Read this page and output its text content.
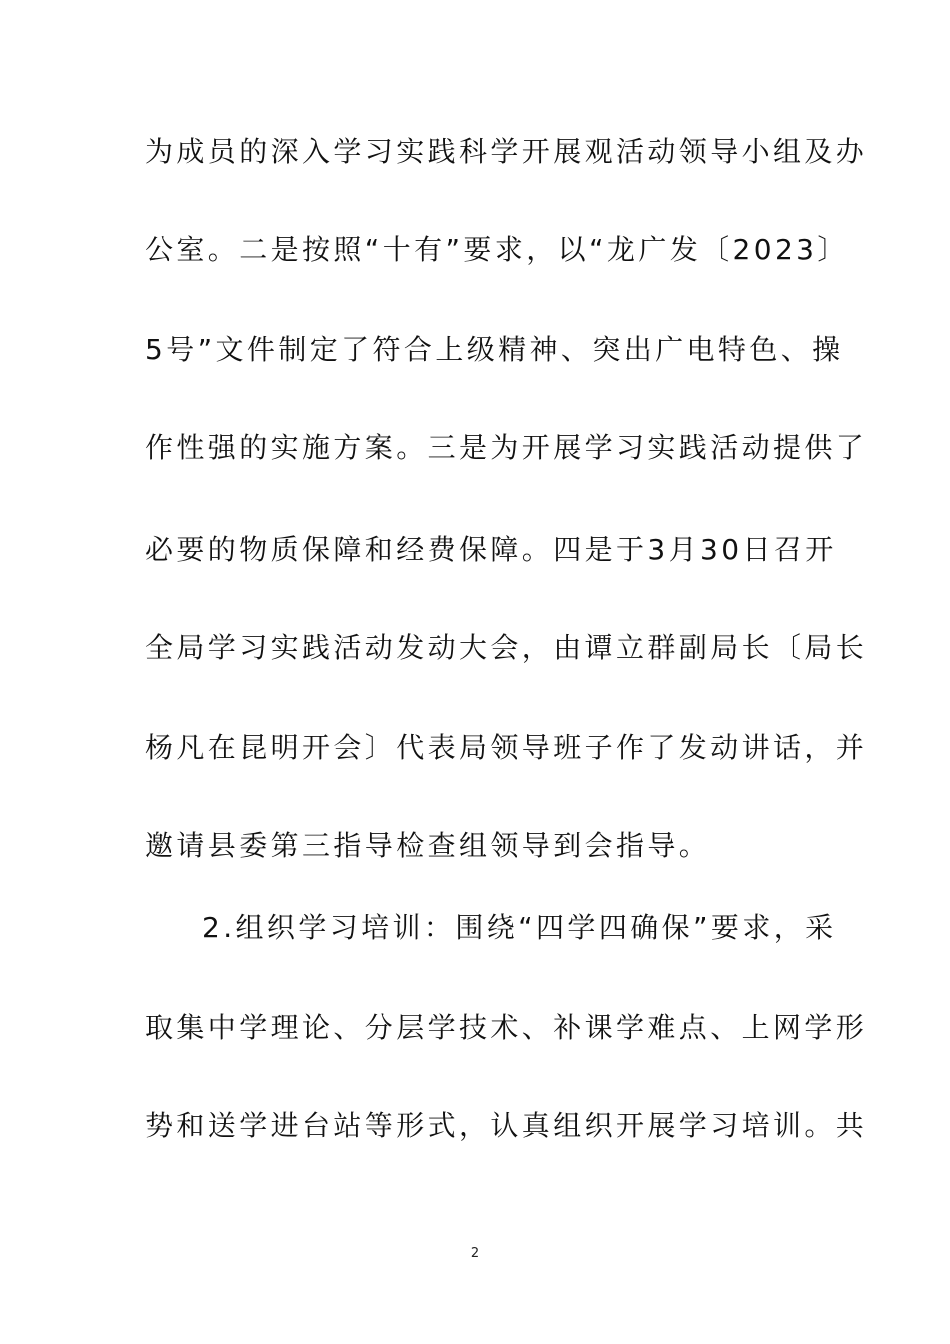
为成员的深入学习实践科学开展观活动领导小组及办
公室。二是按照“十有”要求，以“龙广发〔2023〕
5号”文件制定了符合上级精神、突出广电特色、操
作性强的实施方案。三是为开展学习实践活动提供了
必要的物质保障和经费保障。四是于3月30日召开
全局学习实践活动发动大会，由谭立群副局长〔局长
杨凡在昆明开会〕代表局领导班子作了发动讲话，并
邀请县委第三指导检查组领导到会指导。
2.组织学习培训：围绕“四学四确保”要求，采
取集中学理论、分层学技术、补课学难点、上网学形
势和送学进台站等形式，认真组织开展学习培训。共
2
